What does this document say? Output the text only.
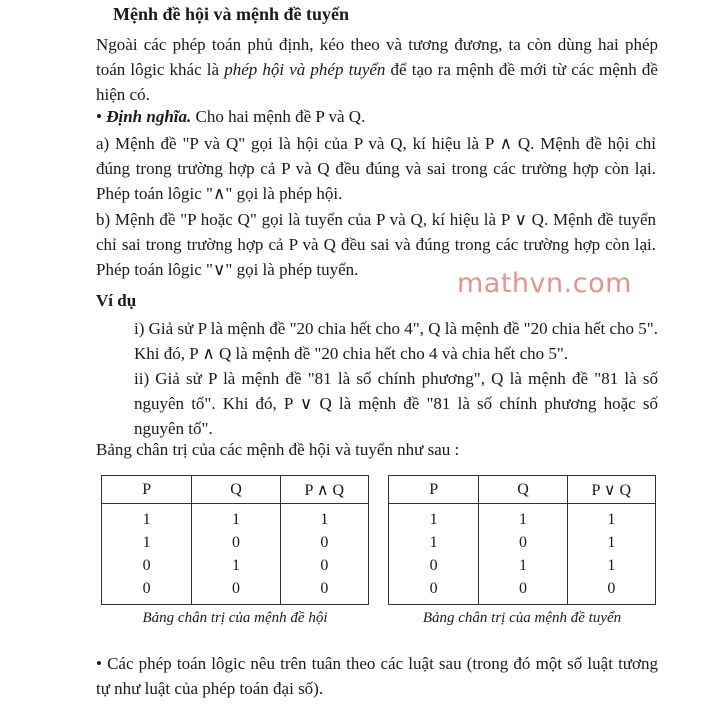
Mệnh đề hội và mệnh đề tuyển
Ngoài các phép toán phủ định, kéo theo và tương đương, ta còn dùng hai phép toán lôgic khác là phép hội và phép tuyển để tạo ra mệnh đề mới từ các mệnh đề hiện có.
• Định nghĩa. Cho hai mệnh đề P và Q.
a) Mệnh đề "P và Q" gọi là hội của P và Q, kí hiệu là P ∧ Q. Mệnh đề hội chỉ đúng trong trường hợp cả P và Q đều đúng và sai trong các trường hợp còn lại. Phép toán lôgic "∧" gọi là phép hội.
b) Mệnh đề "P hoặc Q" gọi là tuyển của P và Q, kí hiệu là P ∨ Q. Mệnh đề tuyển chỉ sai trong trường hợp cả P và Q đều sai và đúng trong các trường hợp còn lại. Phép toán lôgic "∨" gọi là phép tuyển.	mathvn.com
Ví dụ
i) Giả sử P là mệnh đề "20 chia hết cho 4", Q là mệnh đề "20 chia hết cho 5". Khi đó, P ∧ Q là mệnh đề "20 chia hết cho 4 và chia hết cho 5".
ii) Giả sử P là mệnh đề "81 là số chính phương", Q là mệnh đề "81 là số nguyên tố". Khi đó, P ∨ Q là mệnh đề "81 là số chính phương hoặc số nguyên tố".
Bảng chân trị của các mệnh đề hội và tuyển như sau :
P	Q	P ∧ Q
1	1	1
1	0	0
0	1	0
0	0	0
P	Q	P ∨ Q
1	1	1
1	0	1
0	1	1
0	0	0
Bảng chân trị của mệnh đề hội	Bảng chân trị của mệnh đề tuyển
• Các phép toán lôgic nêu trên tuân theo các luật sau (trong đó một số luật tương tự như luật của phép toán đại số).
